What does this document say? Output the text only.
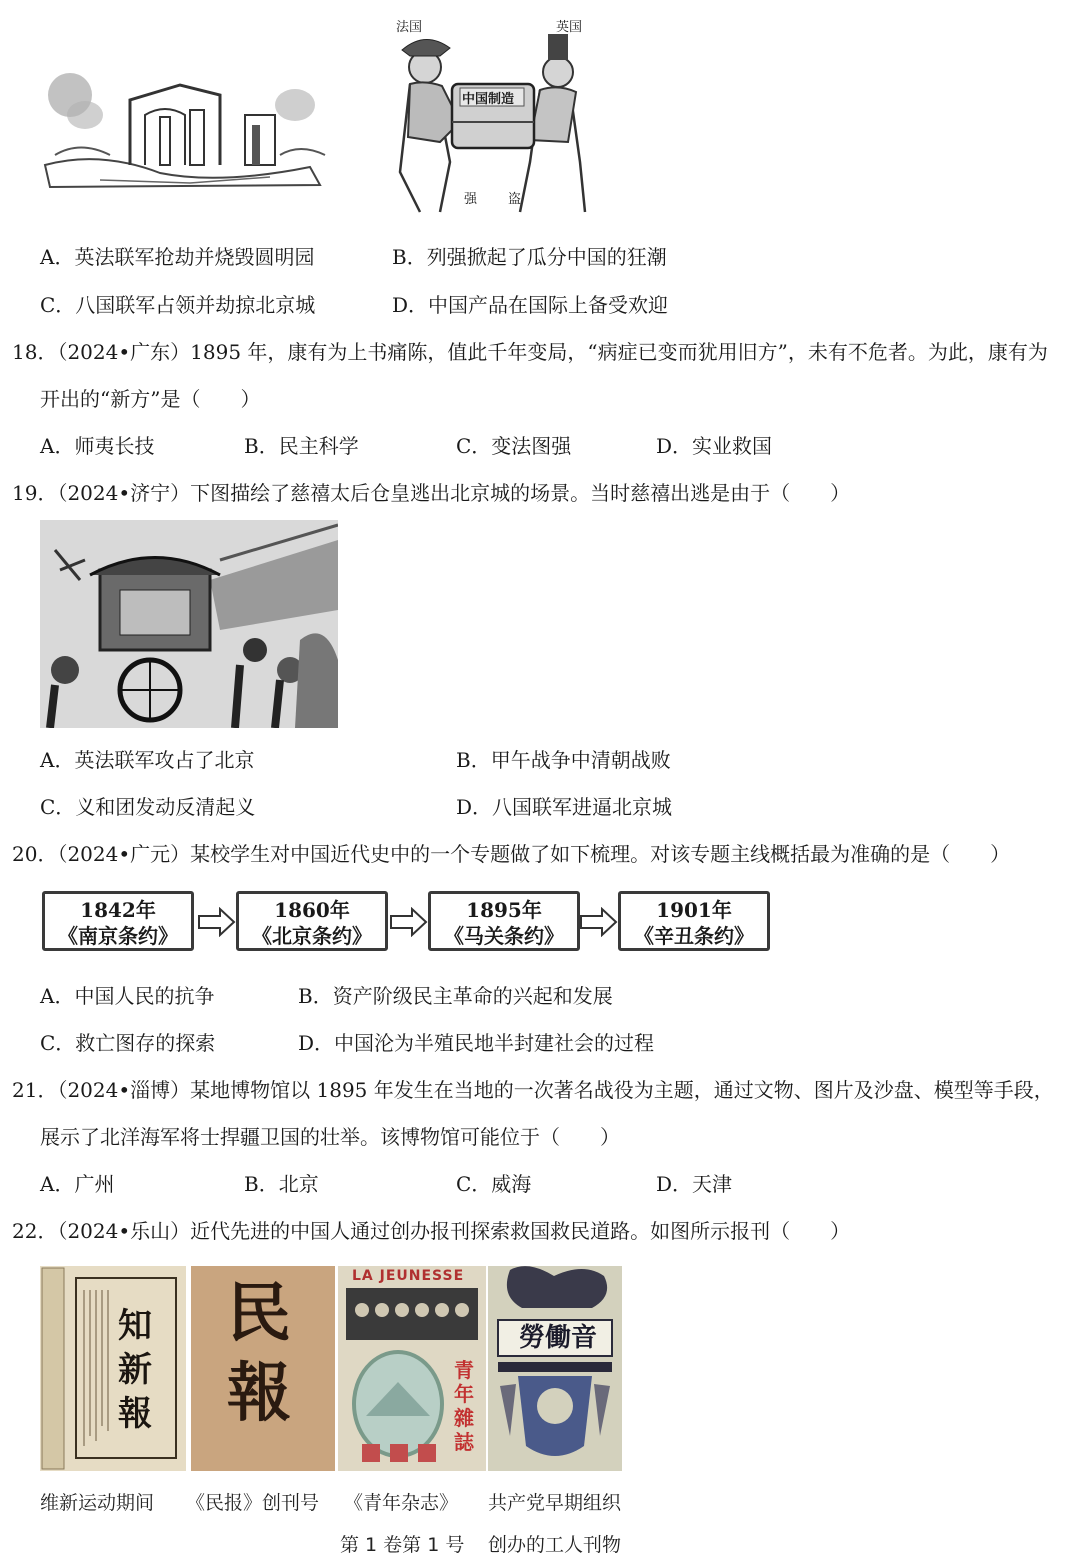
法国	英国
中国制造
强 盗
A．英法联军抢劫并烧毁圆明园	B．列强掀起了瓜分中国的狂潮
C．八国联军占领并劫掠北京城	D．中国产品在国际上备受欢迎
18．（2024•广东）1895 年，康有为上书痛陈，值此千年变局，“病症已变而犹用旧方”，未有不危者。为此，康有为
开出的“新方”是（　　）
A．师夷长技	B．民主科学	C．变法图强	D．实业救国
19．（2024•济宁）下图描绘了慈禧太后仓皇逃出北京城的场景。当时慈禧出逃是由于（　　）
A．英法联军攻占了北京	B．甲午战争中清朝战败
C．义和团发动反清起义	D．八国联军进逼北京城
20．（2024•广元）某校学生对中国近代史中的一个专题做了如下梳理。对该专题主线概括最为准确的是（　　）
1842年
《南京条约》
1860年
《北京条约》
1895年
《马关条约》
1901年
《辛丑条约》
A．中国人民的抗争	B．资产阶级民主革命的兴起和发展
C．救亡图存的探索	D．中国沦为半殖民地半封建社会的过程
21．（2024•淄博）某地博物馆以 1895 年发生在当地的一次著名战役为主题，通过文物、图片及沙盘、模型等手段，
展示了北洋海军将士捍疆卫国的壮举。该博物馆可能位于（　　）
A．广州	B．北京	C．威海	D．天津
22．（2024•乐山）近代先进的中国人通过创办报刊探索救国救民道路。如图所示报刊（　　）
知新報
民報
LA JEUNESSE
青年雜誌
勞働音
维新运动期间 《民报》创刊号 《青年杂志》
第 1 卷第 1 号
共产党早期组织
创办的工人刊物
